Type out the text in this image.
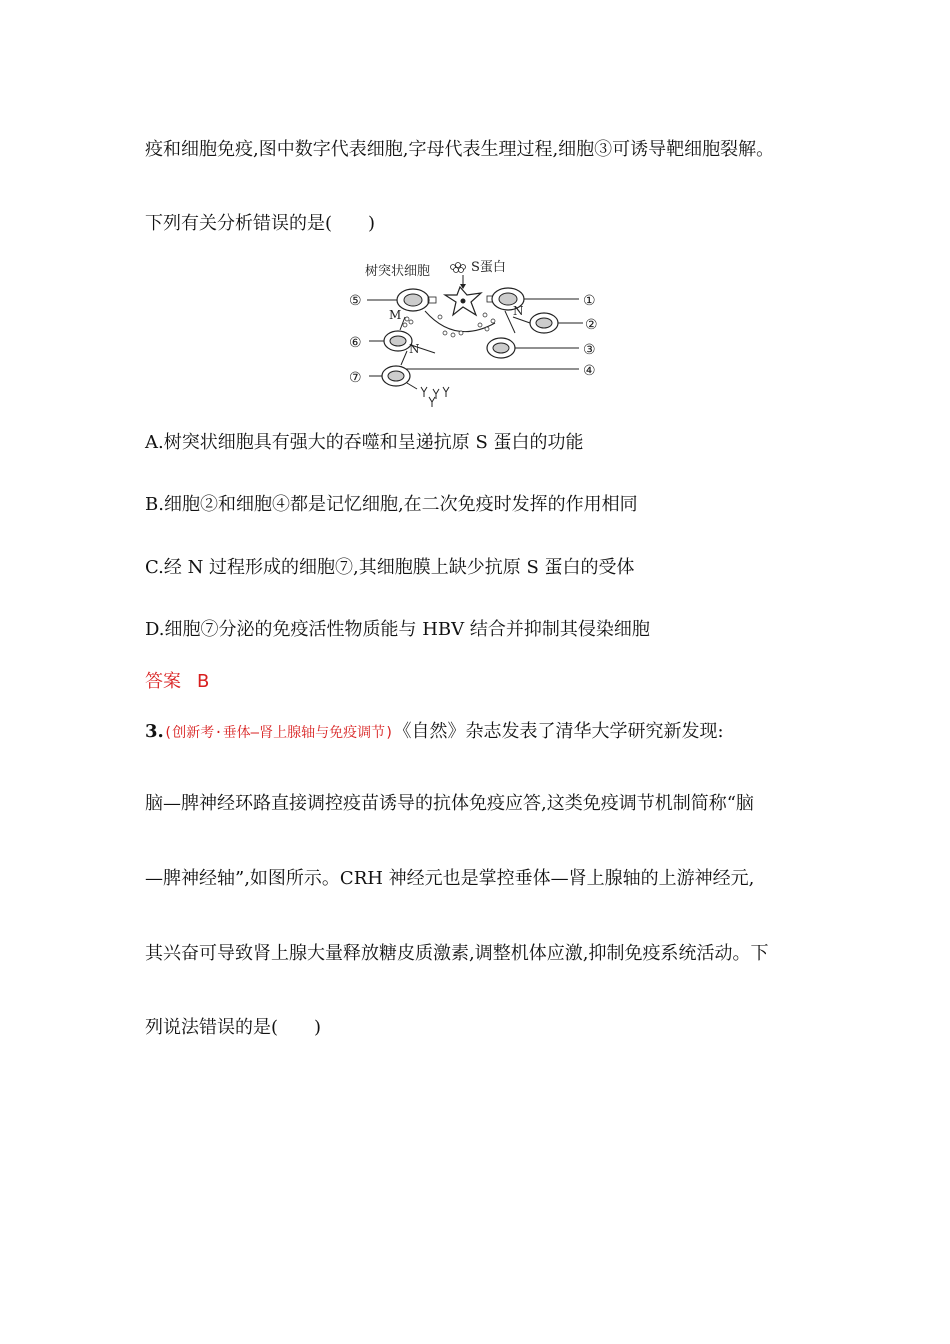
疫和细胞免疫,图中数字代表细胞,字母代表生理过程,细胞③可诱导靶细胞裂解。
下列有关分析错误的是(　　)
树突状细胞	S蛋白
⑤	①
②
③
④
⑥
⑦
M	N
N
A.树突状细胞具有强大的吞噬和呈递抗原 S 蛋白的功能
B.细胞②和细胞④都是记忆细胞,在二次免疫时发挥的作用相同
C.经 N 过程形成的细胞⑦,其细胞膜上缺少抗原 S 蛋白的受体
D.细胞⑦分泌的免疫活性物质能与 HBV 结合并抑制其侵染细胞
答案 B
3.(创新考·垂体—肾上腺轴与免疫调节)《自然》杂志发表了清华大学研究新发现:
脑—脾神经环路直接调控疫苗诱导的抗体免疫应答,这类免疫调节机制简称“脑
—脾神经轴”,如图所示。CRH 神经元也是掌控垂体—肾上腺轴的上游神经元,
其兴奋可导致肾上腺大量释放糖皮质激素,调整机体应激,抑制免疫系统活动。下
列说法错误的是(　　)
